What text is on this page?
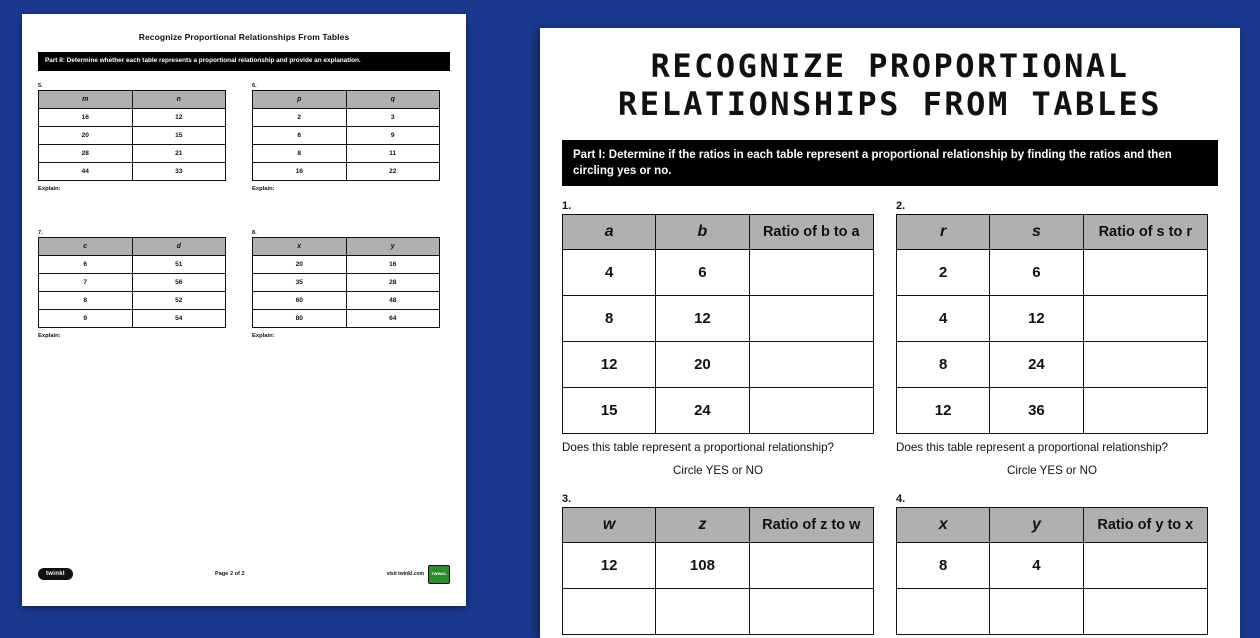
Recognize Proportional Relationships From Tables
Part II: Determine whether each table represents a proportional relationship and provide an explanation.
5.
m	n
16	12
20	15
28	21
44	33
Explain:
6.
p	q
2	3
6	9
8	11
16	22
Explain:
7.
c	d
6	51
7	56
8	52
9	54
Explain:
8.
x	y
20	16
35	28
60	48
80	64
Explain:
twinkl	Page 2 of 2	visit twinkl.com	TWINKL
RECOGNIZE PROPORTIONAL
RELATIONSHIPS FROM TABLES
Part I: Determine if the ratios in each table represent a proportional relationship by finding the ratios and then circling yes or no.
1.
a	b	Ratio of b to a
4	6	
8	12	
12	20	
15	24	
Does this table represent a proportional relationship?
Circle YES or NO
2.
r	s	Ratio of s to r
2	6	
4	12	
8	24	
12	36	
Does this table represent a proportional relationship?
Circle YES or NO
3.
w	z	Ratio of z to w
12	108	

4.
x	y	Ratio of y to x
8	4	
